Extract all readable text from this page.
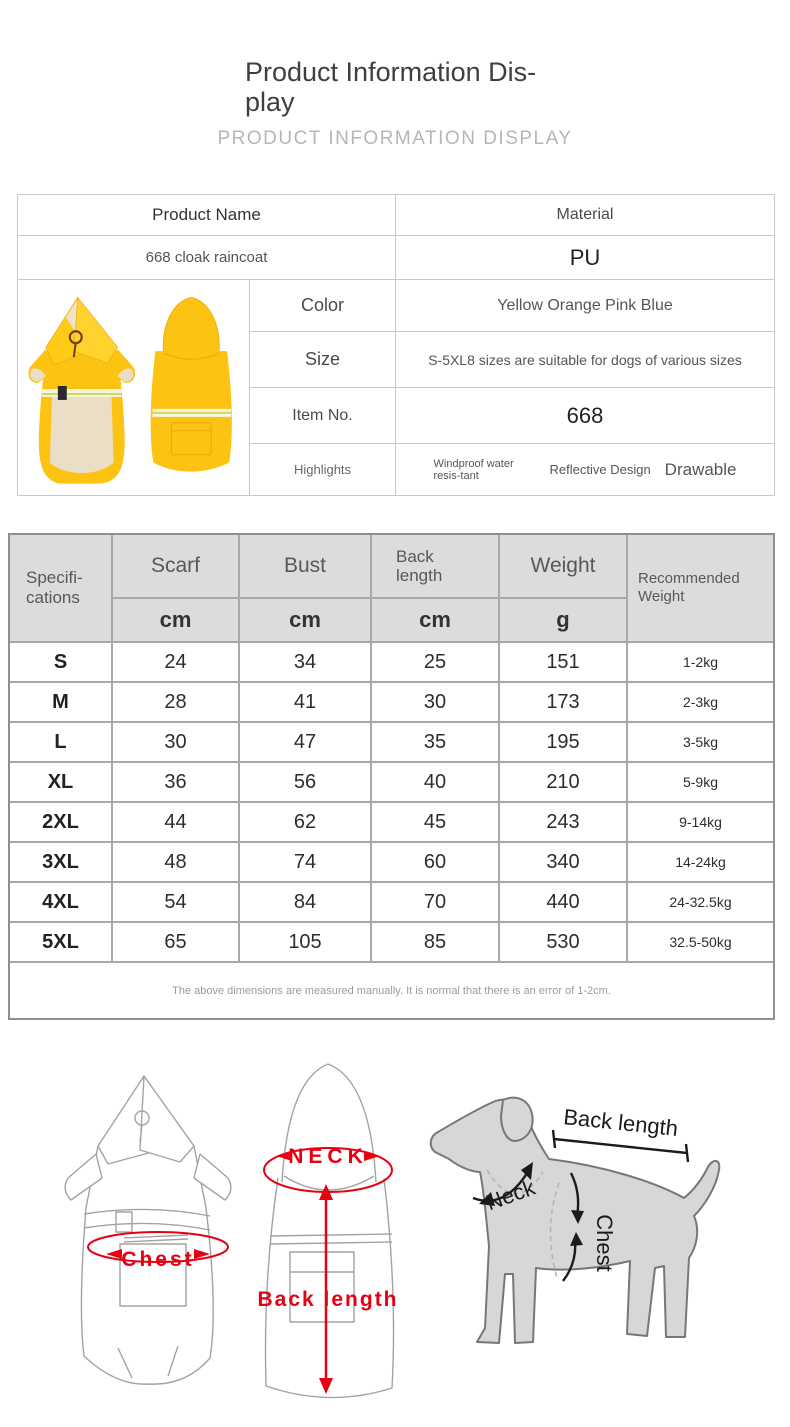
Product Information Dis-
play
PRODUCT INFORMATION DISPLAY
Product Name	Material
668 cloak raincoat	PU
Color	Yellow Orange Pink Blue
Size	S-5XL8 sizes are suitable for dogs of various sizes
Item No.	668
Highlights	Windproof water resis-tant	Reflective Design Drawable
Specifi-
cations
Scarf	Bust	Back length	Weight
Recommended Weight
cm	cm	cm	g
S	24	34	25	151	1-2kg
M	28	41	30	173	2-3kg
L	30	47	35	195	3-5kg
XL	36	56	40	210	5-9kg
2XL	44	62	45	243	9-14kg
3XL	48	74	60	340	14-24kg
4XL	54	84	70	440	24-32.5kg
5XL	65	105	85	530	32.5-50kg
The above dimensions are measured manually. It is normal that there is an error of 1-2cm.
Chest
NECK
Back length
Back length
Neck
Chest
